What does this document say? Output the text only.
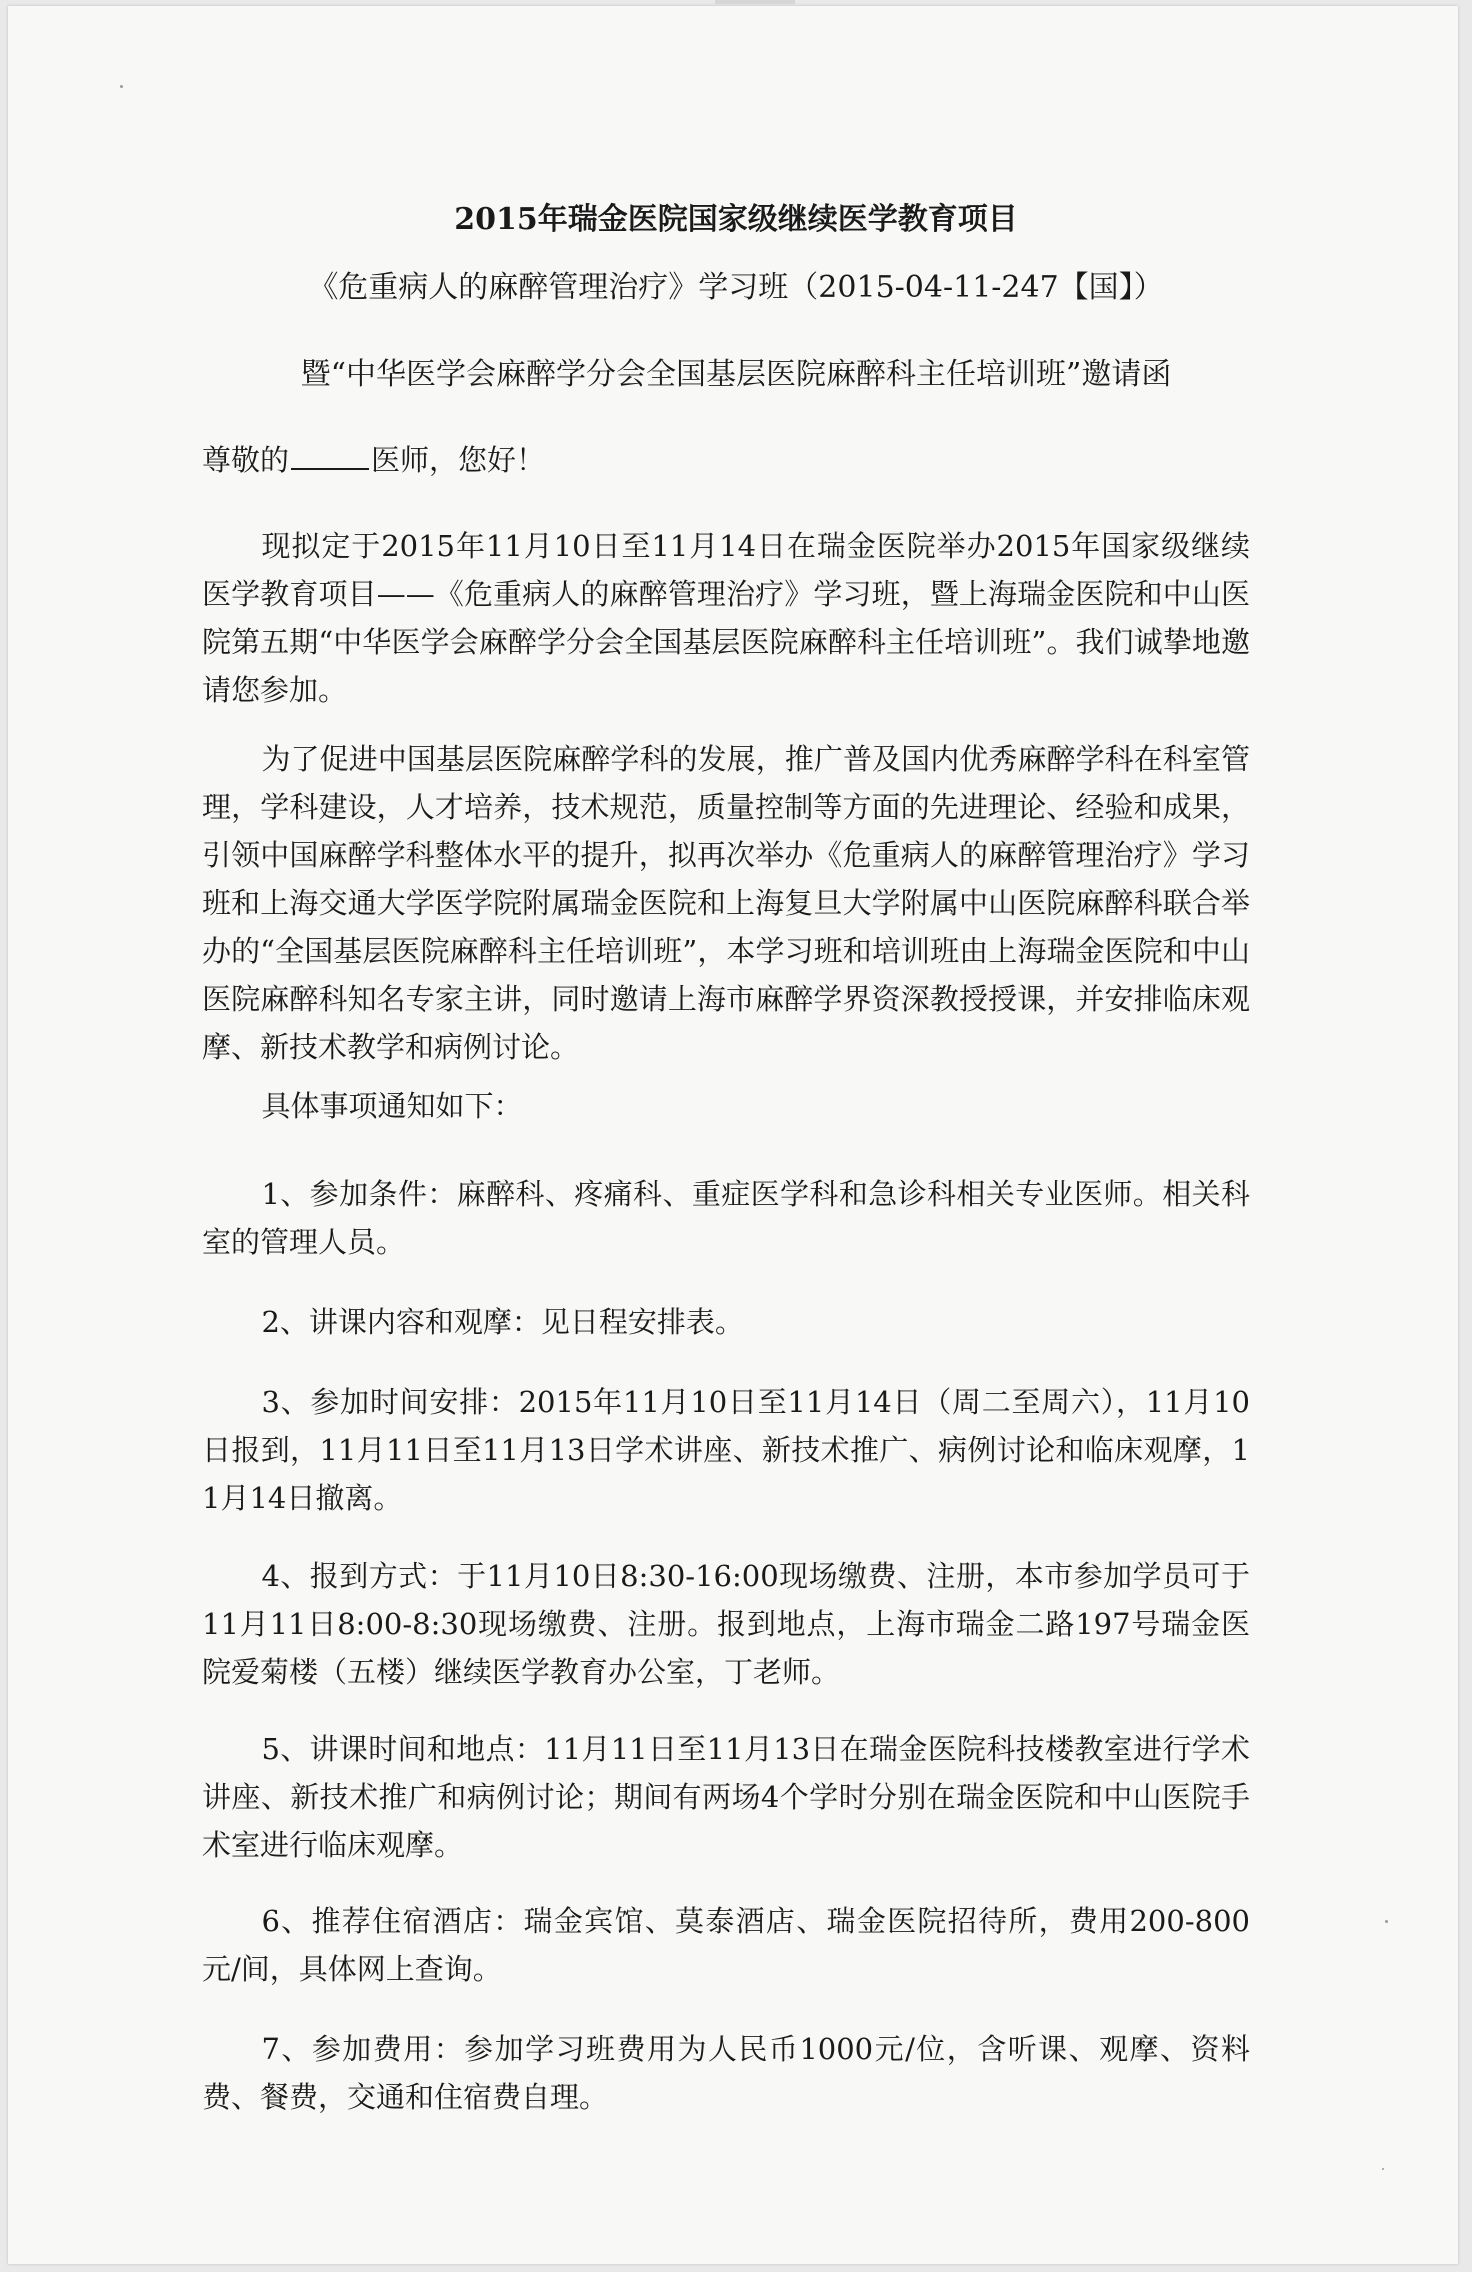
2015年瑞金医院国家级继续医学教育项目
《危重病人的麻醉管理治疗》学习班（2015-04-11-247【国】）
暨“中华医学会麻醉学分会全国基层医院麻醉科主任培训班”邀请函
尊敬的	医师，您好！

现拟定于2015年11月10日至11月14日在瑞金医院举办2015年国家级继续医学教育项目——《危重病人的麻醉管理治疗》学习班，暨上海瑞金医院和中山医院第五期“中华医学会麻醉学分会全国基层医院麻醉科主任培训班”。我们诚挚地邀请您参加。

为了促进中国基层医院麻醉学科的发展，推广普及国内优秀麻醉学科在科室管理，学科建设，人才培养，技术规范，质量控制等方面的先进理论、经验和成果，引领中国麻醉学科整体水平的提升，拟再次举办《危重病人的麻醉管理治疗》学习班和上海交通大学医学院附属瑞金医院和上海复旦大学附属中山医院麻醉科联合举办的“全国基层医院麻醉科主任培训班”，本学习班和培训班由上海瑞金医院和中山医院麻醉科知名专家主讲，同时邀请上海市麻醉学界资深教授授课，并安排临床观摩、新技术教学和病例讨论。

具体事项通知如下：

1、参加条件：麻醉科、疼痛科、重症医学科和急诊科相关专业医师。相关科室的管理人员。

2、讲课内容和观摩：见日程安排表。

3、参加时间安排：2015年11月10日至11月14日（周二至周六），11月10日报到，11月11日至11月13日学术讲座、新技术推广、病例讨论和临床观摩，11月14日撤离。

4、报到方式：于11月10日8:30-16:00现场缴费、注册，本市参加学员可于11月11日8:00-8:30现场缴费、注册。报到地点，上海市瑞金二路197号瑞金医院爱菊楼（五楼）继续医学教育办公室，丁老师。

5、讲课时间和地点：11月11日至11月13日在瑞金医院科技楼教室进行学术讲座、新技术推广和病例讨论；期间有两场4个学时分别在瑞金医院和中山医院手术室进行临床观摩。

6、推荐住宿酒店：瑞金宾馆、莫泰酒店、瑞金医院招待所，费用200-800元/间，具体网上查询。

7、参加费用：参加学习班费用为人民币1000元/位，含听课、观摩、资料费、餐费，交通和住宿费自理。
